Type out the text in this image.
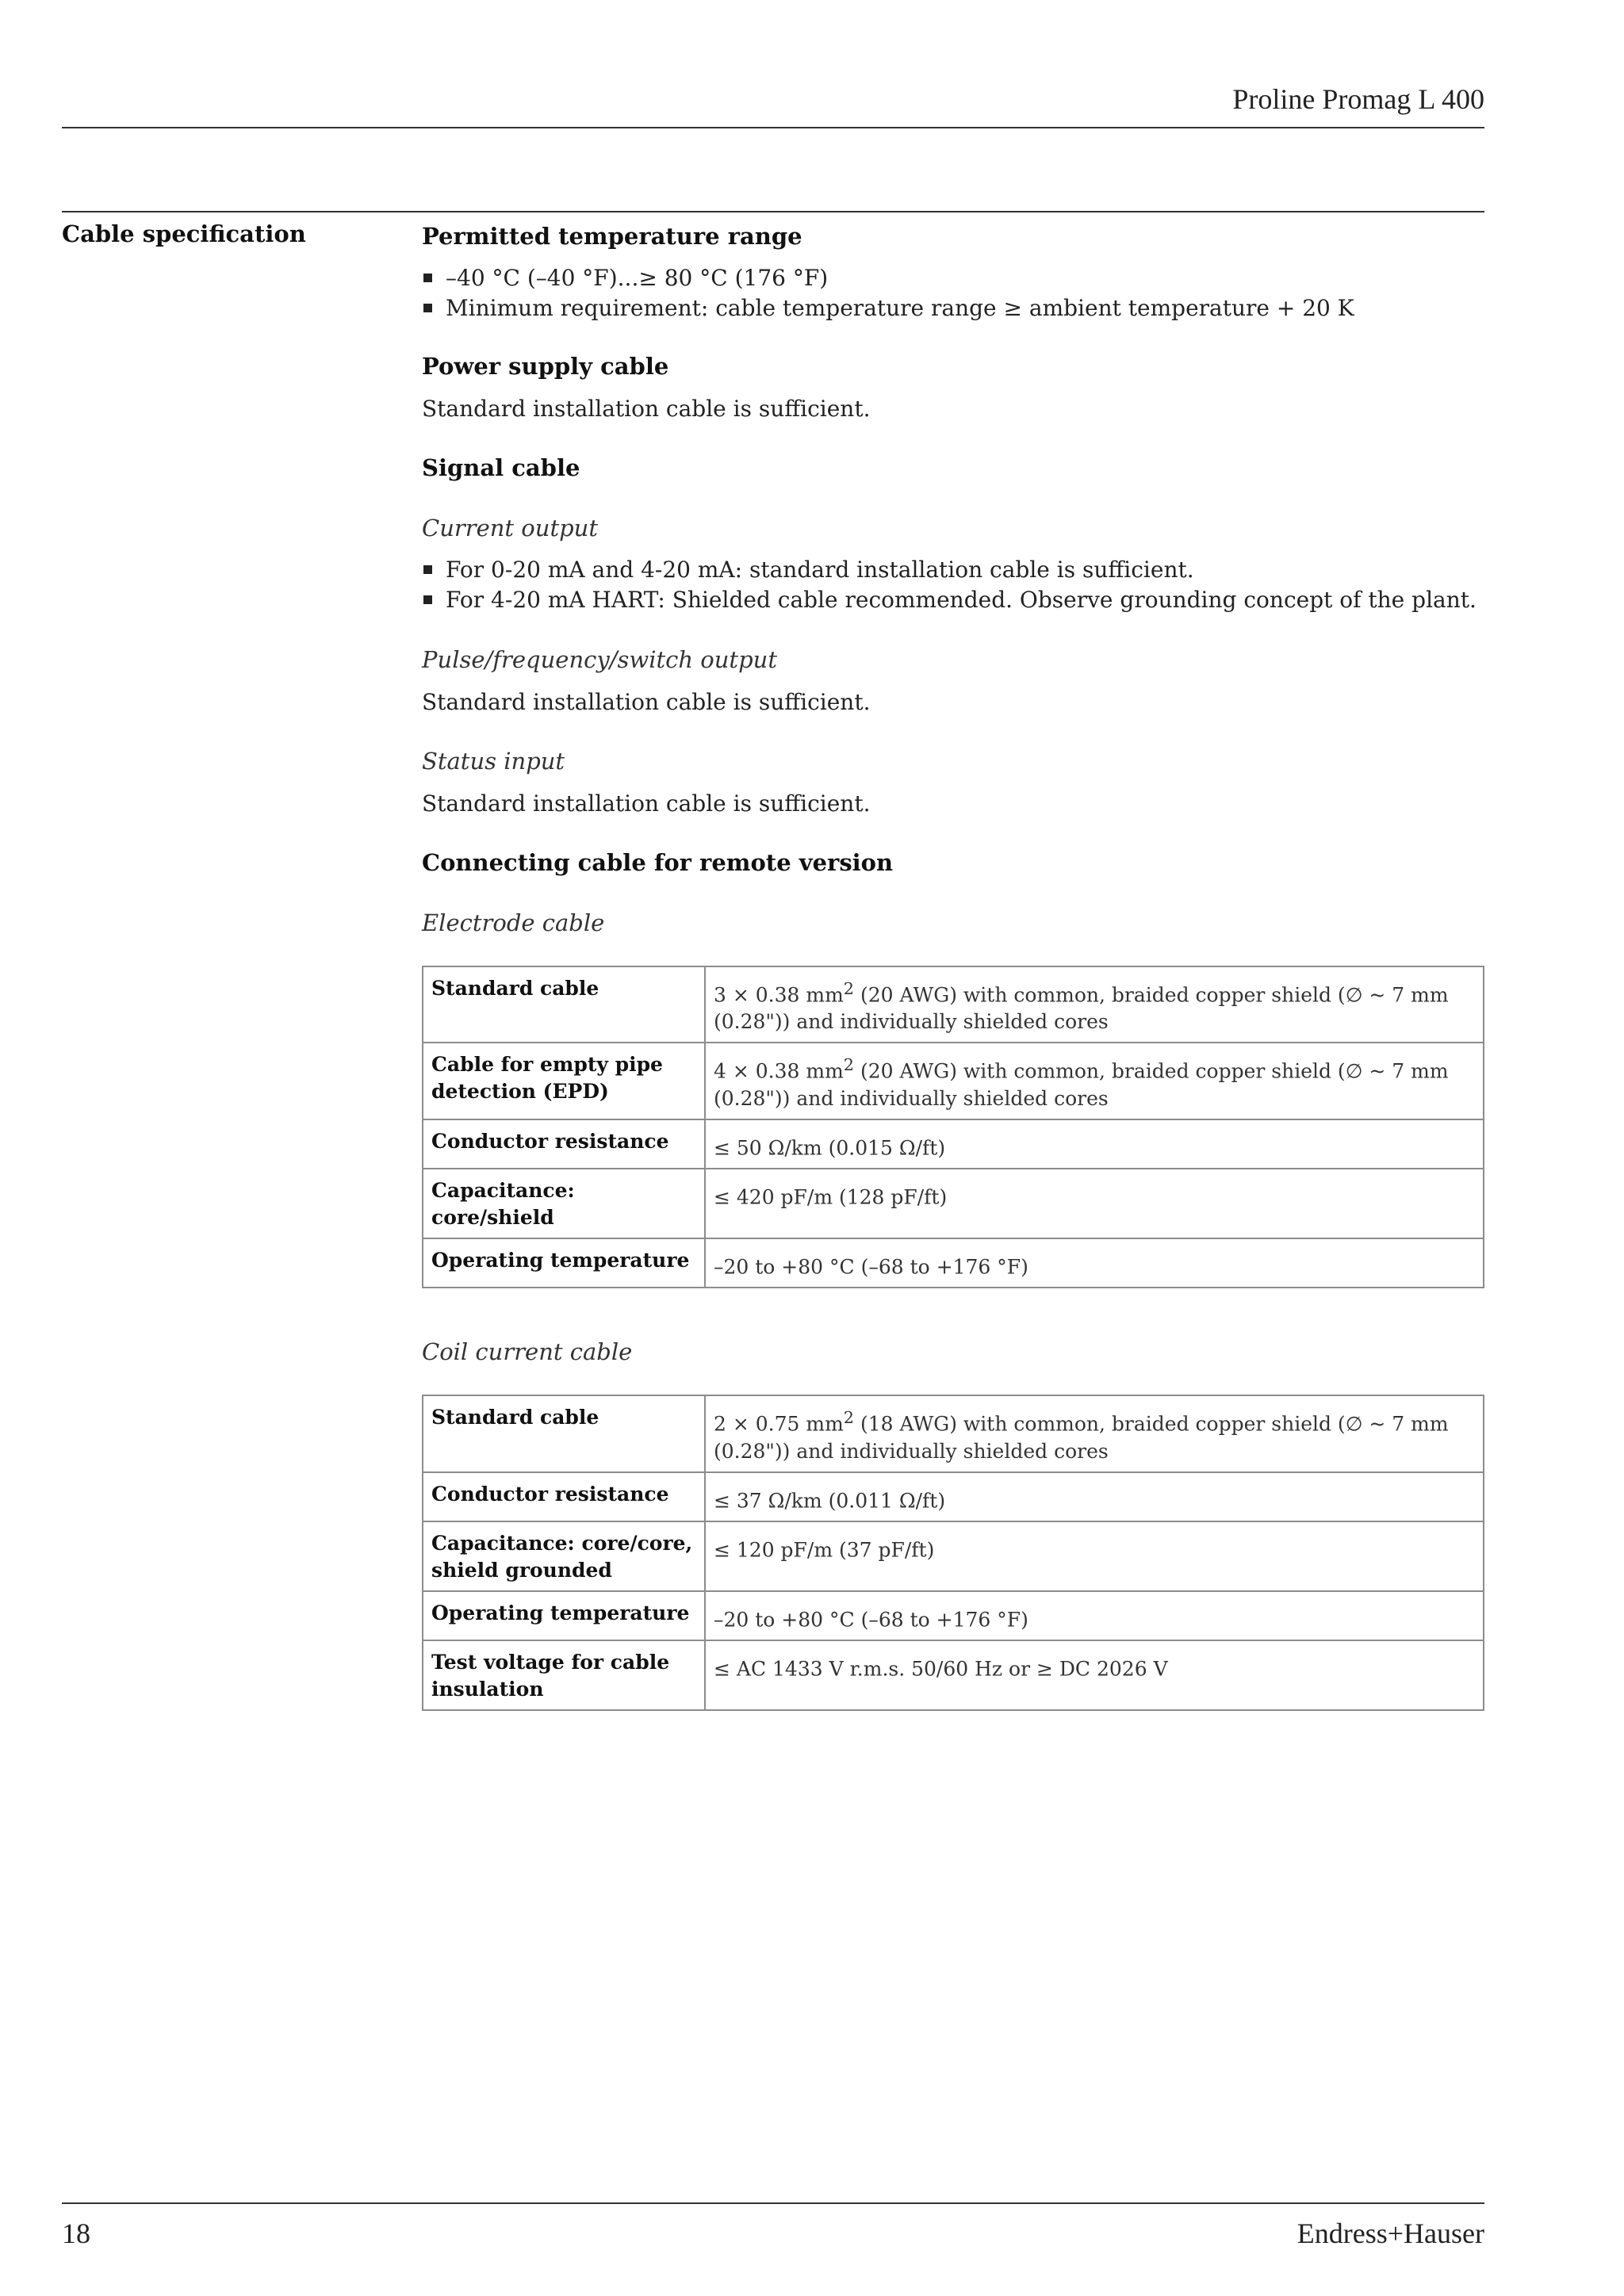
Proline Promag L 400
Cable specification	Permitted temperature range
–40 °C (–40 °F)...≥ 80 °C (176 °F)
Minimum requirement: cable temperature range ≥ ambient temperature + 20 K
Power supply cable
Standard installation cable is sufficient.
Signal cable
Current output
For 0-20 mA and 4-20 mA: standard installation cable is sufficient.
For 4-20 mA HART: Shielded cable recommended. Observe grounding concept of the plant.
Pulse/frequency/switch output
Standard installation cable is sufficient.
Status input
Standard installation cable is sufficient.
Connecting cable for remote version
Electrode cable
Standard cable	3 × 0.38 $mm^2$ (20 AWG) with common, braided copper shield (∅ ~ 7 mm (0.28")) and individually shielded cores
Cable for empty pipe detection (EPD)	4 × 0.38 $mm^2$ (20 AWG) with common, braided copper shield (∅ ~ 7 mm (0.28")) and individually shielded cores
Conductor resistance	≤ 50 Ω/km (0.015 Ω/ft)
Capacitance: core/shield	≤ 420 pF/m (128 pF/ft)
Operating temperature	–20 to +80 °C (–68 to +176 °F)
Coil current cable
Standard cable	2 × 0.75 $mm^2$ (18 AWG) with common, braided copper shield (∅ ~ 7 mm (0.28")) and individually shielded cores
Conductor resistance	≤ 37 Ω/km (0.011 Ω/ft)
Capacitance: core/core, shield grounded	≤ 120 pF/m (37 pF/ft)
Operating temperature	–20 to +80 °C (–68 to +176 °F)
Test voltage for cable insulation	≤ AC 1433 V r.m.s. 50/60 Hz or ≥ DC 2026 V
18	Endress+Hauser
